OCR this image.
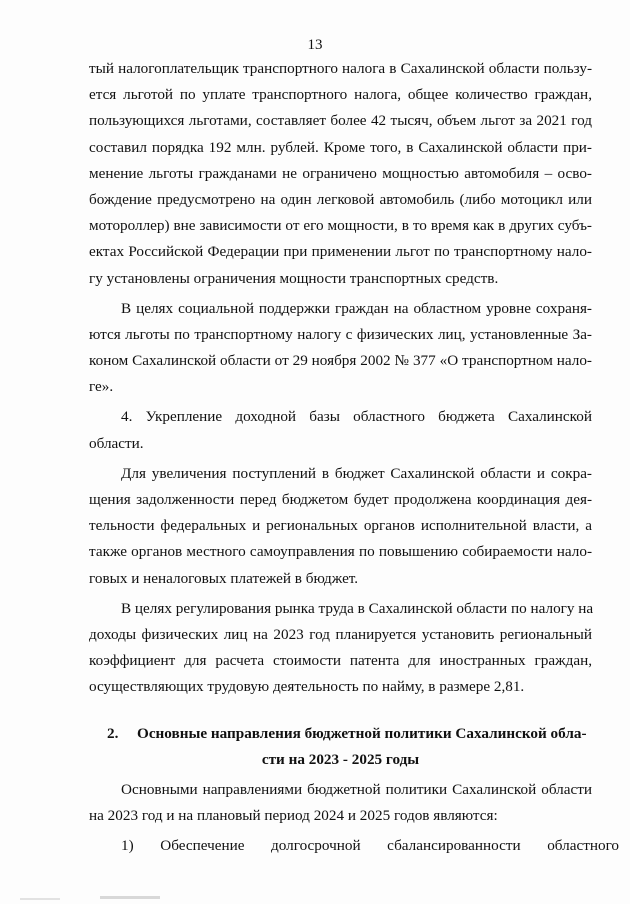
13
тый налогоплательщик транспортного налога в Сахалинской области пользу-
ется льготой по уплате транспортного налога, общее количество граждан,
пользующихся льготами, составляет более 42 тысяч, объем льгот за 2021 год
составил порядка 192 млн. рублей. Кроме того, в Сахалинской области при-
менение льготы гражданами не ограничено мощностью автомобиля – осво-
бождение предусмотрено на один легковой автомобиль (либо мотоцикл или
мотороллер) вне зависимости от его мощности, в то время как в других субъ-
ектах Российской Федерации при применении льгот по транспортному нало-
гу установлены ограничения мощности транспортных средств.
В целях социальной поддержки граждан на областном уровне сохраня-
ются льготы по транспортному налогу с физических лиц, установленные За-
коном Сахалинской области от 29 ноября 2002 № 377 «О транспортном нало-
ге».
4. Укрепление доходной базы областного бюджета Сахалинской
области.
Для увеличения поступлений в бюджет Сахалинской области и сокра-
щения задолженности перед бюджетом будет продолжена координация дея-
тельности федеральных и региональных органов исполнительной власти, а
также органов местного самоуправления по повышению собираемости нало-
говых и неналоговых платежей в бюджет.
В целях регулирования рынка труда в Сахалинской области по налогу на
доходы физических лиц на 2023 год планируется установить региональный
коэффициент для расчета стоимости патента для иностранных граждан,
осуществляющих трудовую деятельность по найму, в размере 2,81.
2. Основные направления бюджетной политики Сахалинской обла-
сти на 2023 - 2025 годы
Основными направлениями бюджетной политики Сахалинской области
на 2023 год и на плановый период 2024 и 2025 годов являются:
1)       Обеспечение       долгосрочной       сбалансированности       областного
